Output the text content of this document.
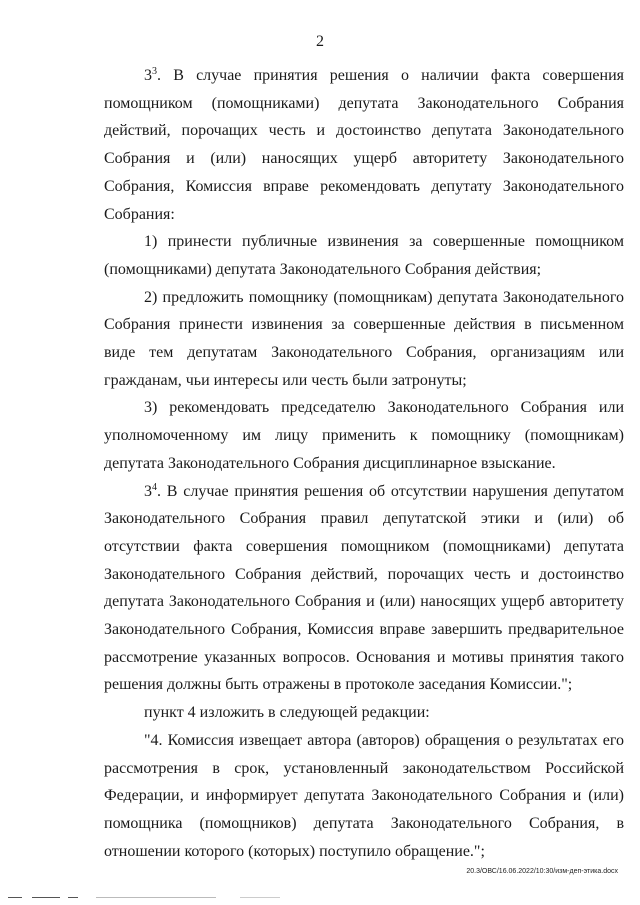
2

$3^3$. В случае принятия решения о наличии факта совершения помощником (помощниками) депутата Законодательного Собрания действий, порочащих честь и достоинство депутата Законодательного Собрания и (или) наносящих ущерб авторитету Законодательного Собрания, Комиссия вправе рекомендовать депутату Законодательного Собрания:

1) принести публичные извинения за совершенные помощником (помощниками) депутата Законодательного Собрания действия;

2) предложить помощнику (помощникам) депутата Законодательного Собрания принести извинения за совершенные действия в письменном виде тем депутатам Законодательного Собрания, организациям или гражданам, чьи интересы или честь были затронуты;

3) рекомендовать председателю Законодательного Собрания или уполномоченному им лицу применить к помощнику (помощникам) депутата Законодательного Собрания дисциплинарное взыскание.

$3^4$. В случае принятия решения об отсутствии нарушения депутатом Законодательного Собрания правил депутатской этики и (или) об отсутствии факта совершения помощником (помощниками) депутата Законодательного Собрания действий, порочащих честь и достоинство депутата Законодательного Собрания и (или) наносящих ущерб авторитету Законодательного Собрания, Комиссия вправе завершить предварительное рассмотрение указанных вопросов. Основания и мотивы принятия такого решения должны быть отражены в протоколе заседания Комиссии.";

пункт 4 изложить в следующей редакции:

"4. Комиссия извещает автора (авторов) обращения о результатах его рассмотрения в срок, установленный законодательством Российской Федерации, и информирует депутата Законодательного Собрания и (или) помощника (помощников) депутата Законодательного Собрания, в отношении которого (которых) поступило обращение.";

20.3/ОВС/16.06.2022/10:30/изм-деп-этика.docx
